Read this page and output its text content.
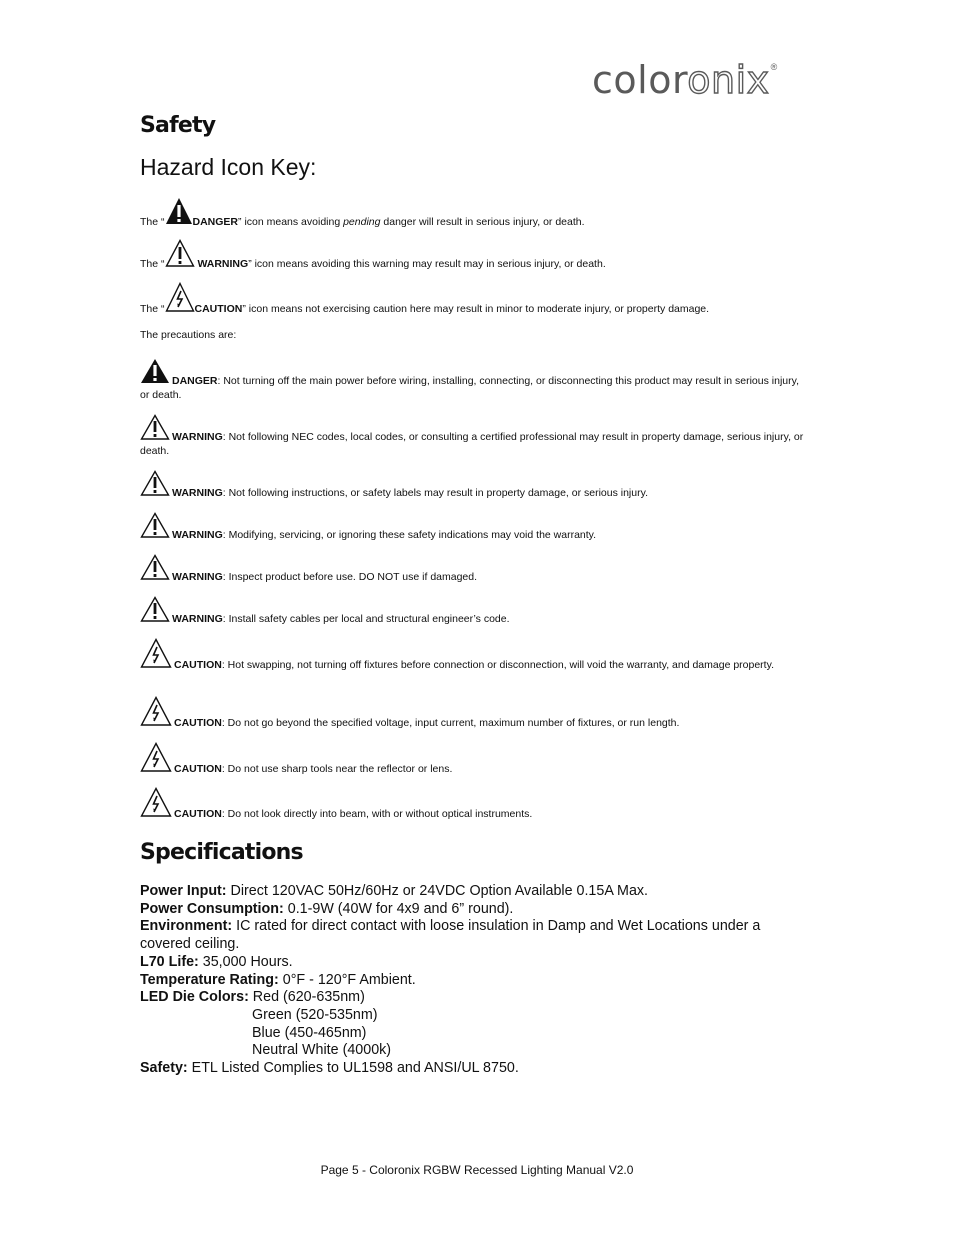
coloronix®
Safety
Hazard Icon Key:
The “	DANGER” icon means avoiding pending danger will result in serious injury, or death.
The “	WARNING” icon means avoiding this warning may result may in serious injury, or death.
The “	CAUTION” icon means not exercising caution here may result in minor to moderate injury, or property damage.
The precautions are:
DANGER: Not turning off the main power before wiring, installing, connecting, or disconnecting this product may result in serious injury, or death.
WARNING: Not following NEC codes, local codes, or consulting a certified professional may result in property damage, serious injury, or death.
WARNING: Not following instructions, or safety labels may result in property damage, or serious injury.
WARNING: Modifying, servicing, or ignoring these safety indications may void the warranty.
WARNING: Inspect product before use. DO NOT use if damaged.
WARNING: Install safety cables per local and structural engineer’s code.
CAUTION: Hot swapping, not turning off fixtures before connection or disconnection, will void the warranty, and damage property.
CAUTION: Do not go beyond the specified voltage, input current, maximum number of fixtures, or run length.
CAUTION: Do not use sharp tools near the reflector or lens.
CAUTION: Do not look directly into beam, with or without optical instruments.
Specifications
Power Input: Direct 120VAC 50Hz/60Hz or 24VDC Option Available 0.15A Max.
Power Consumption: 0.1-9W (40W for 4x9 and 6” round).
Environment: IC rated for direct contact with loose insulation in Damp and Wet Locations under a covered ceiling.
L70 Life: 35,000 Hours.
Temperature Rating: 0°F - 120°F Ambient.
LED Die Colors: Red (620-635nm)
Green (520-535nm)
Blue (450-465nm)
Neutral White (4000k)
Safety: ETL Listed Complies to UL1598 and ANSI/UL 8750.
Page 5 - Coloronix RGBW Recessed Lighting Manual V2.0
